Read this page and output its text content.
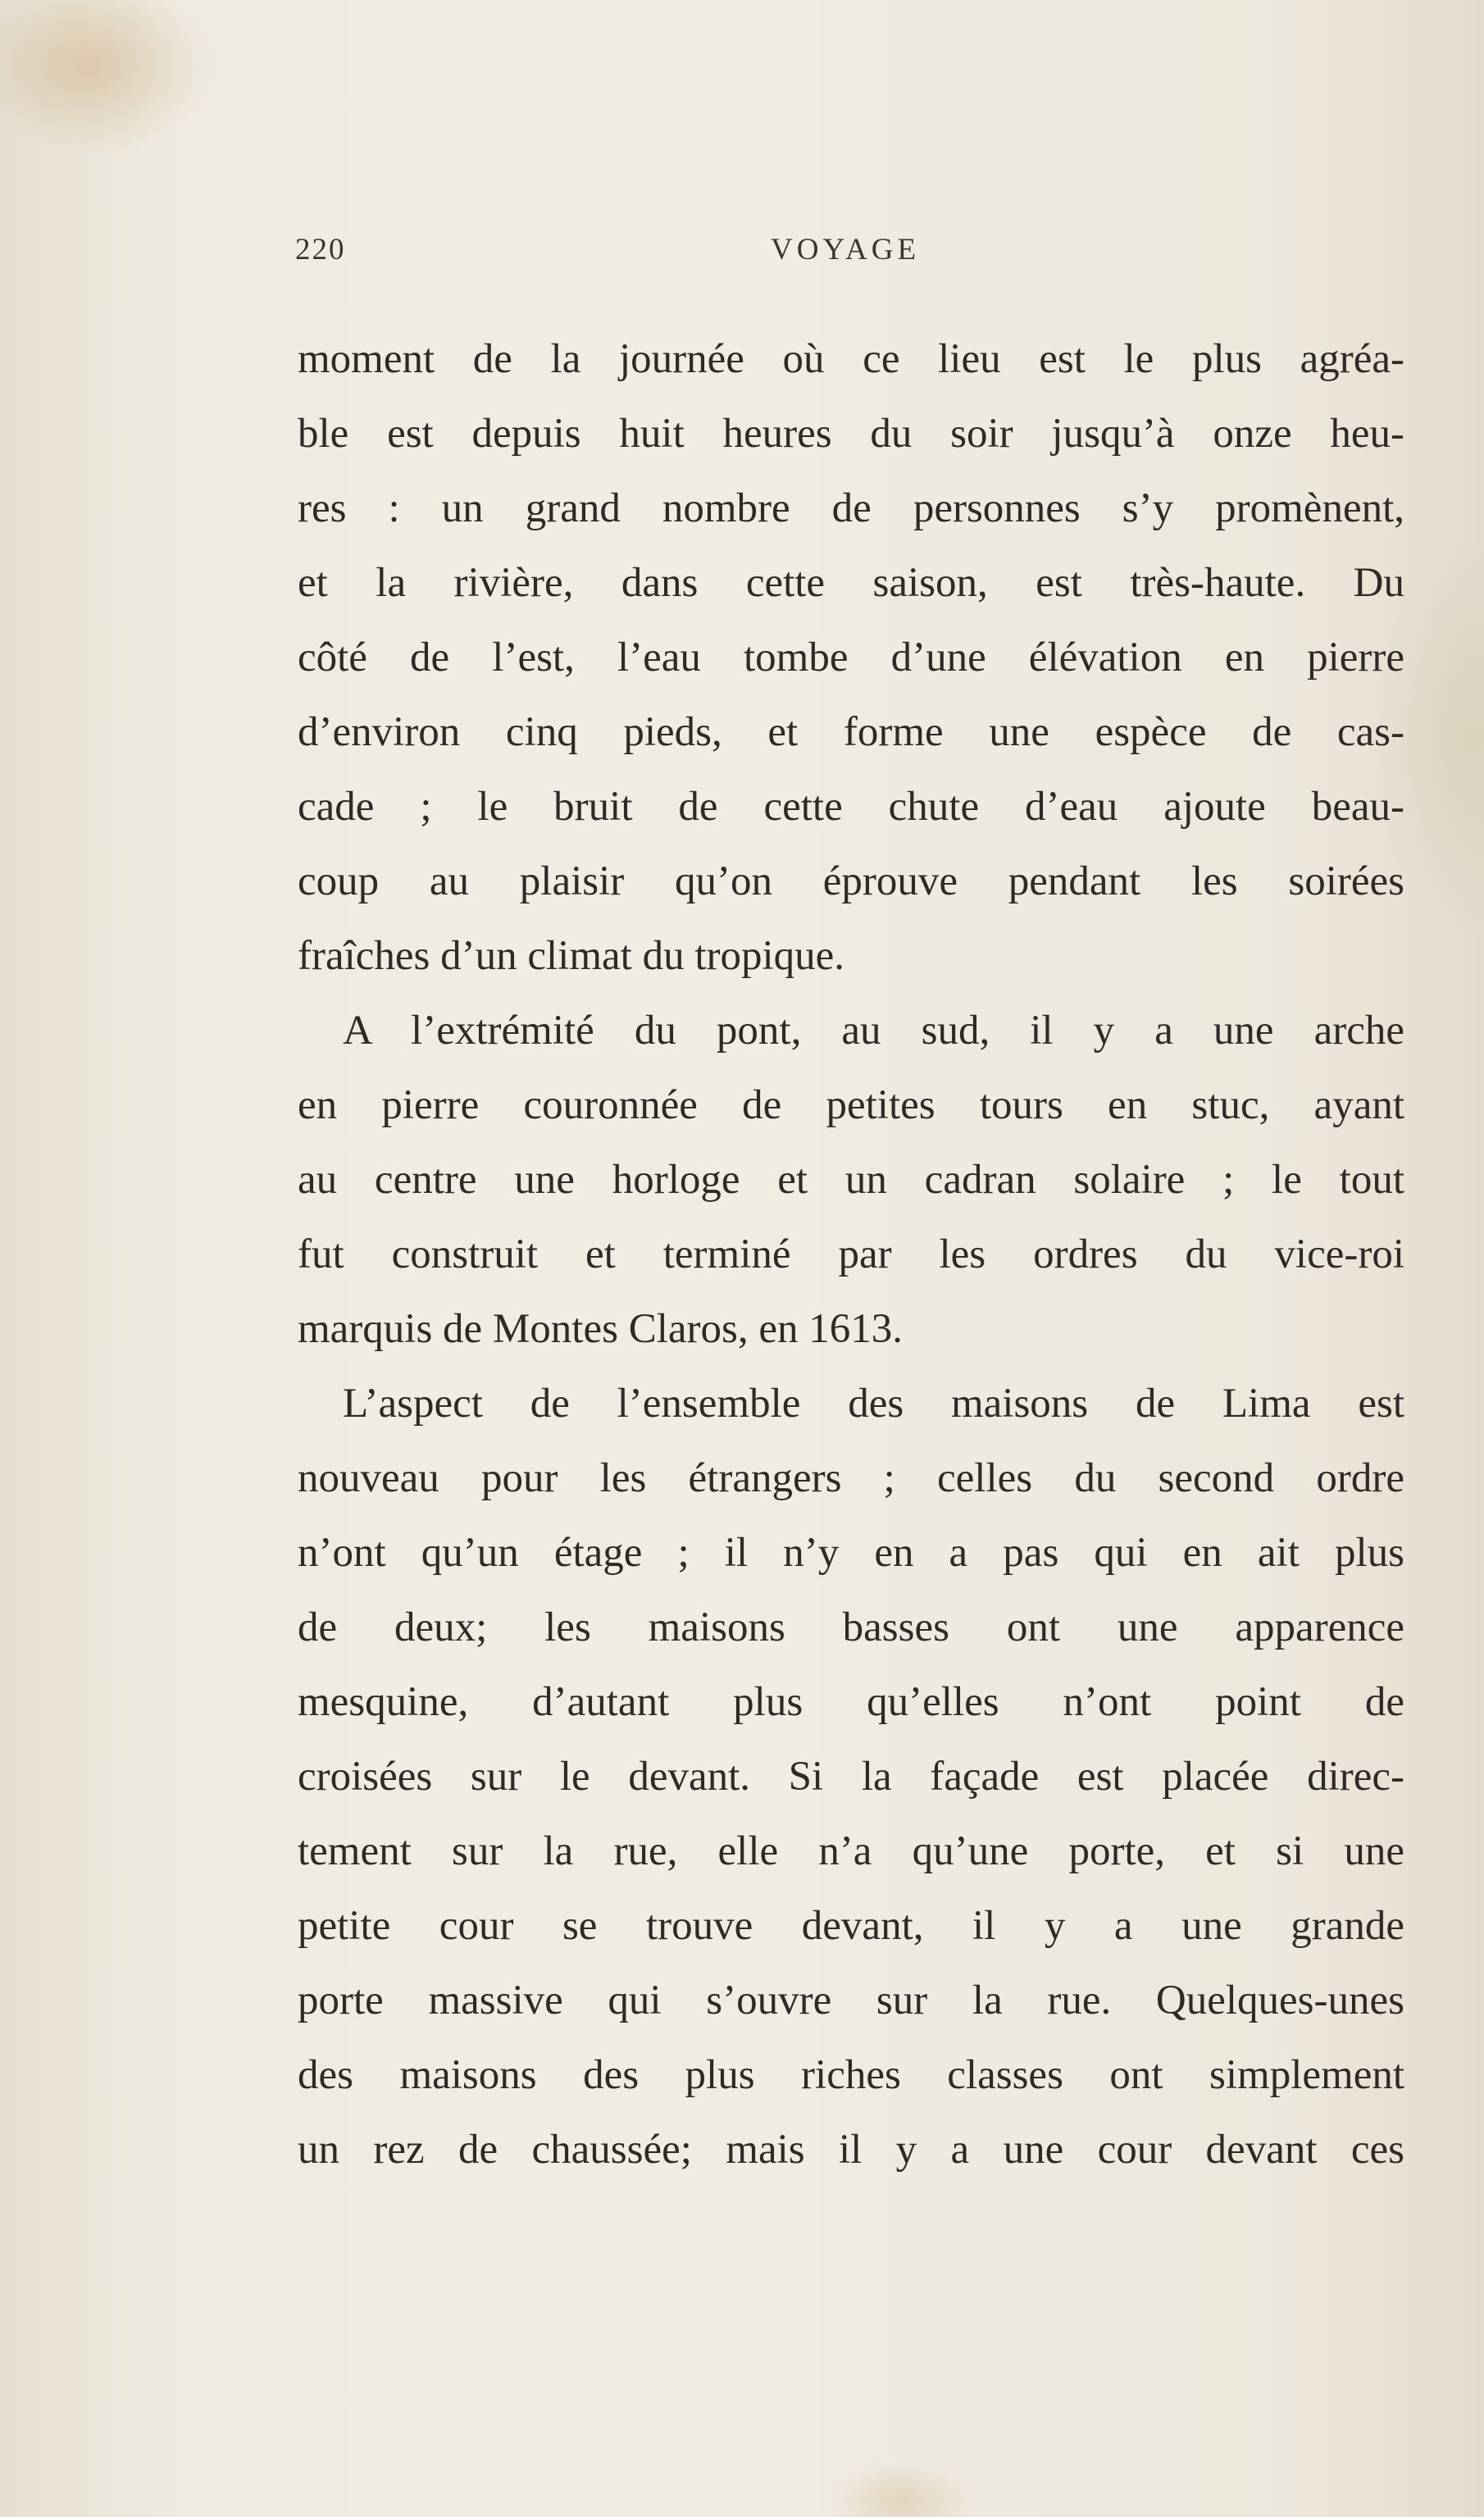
220	VOYAGE
moment de la journée où ce lieu est le plus agréa-
ble est depuis huit heures du soir jusqu’à onze heu-
res : un grand nombre de personnes s’y promènent,
et la rivière, dans cette saison, est très-haute. Du
côté de l’est, l’eau tombe d’une élévation en pierre
d’environ cinq pieds, et forme une espèce de cas-
cade ; le bruit de cette chute d’eau ajoute beau-
coup au plaisir qu’on éprouve pendant les soirées
fraîches d’un climat du tropique.
A l’extrémité du pont, au sud, il y a une arche
en pierre couronnée de petites tours en stuc, ayant
au centre une horloge et un cadran solaire ; le tout
fut construit et terminé par les ordres du vice-roi
marquis de Montes Claros, en 1613.
L’aspect de l’ensemble des maisons de Lima est
nouveau pour les étrangers ; celles du second ordre
n’ont qu’un étage ; il n’y en a pas qui en ait plus
de deux; les maisons basses ont une apparence
mesquine, d’autant plus qu’elles n’ont point de
croisées sur le devant. Si la façade est placée direc-
tement sur la rue, elle n’a qu’une porte, et si une
petite cour se trouve devant, il y a une grande
porte massive qui s’ouvre sur la rue. Quelques-unes
des maisons des plus riches classes ont simplement
un rez de chaussée; mais il y a une cour devant ces
